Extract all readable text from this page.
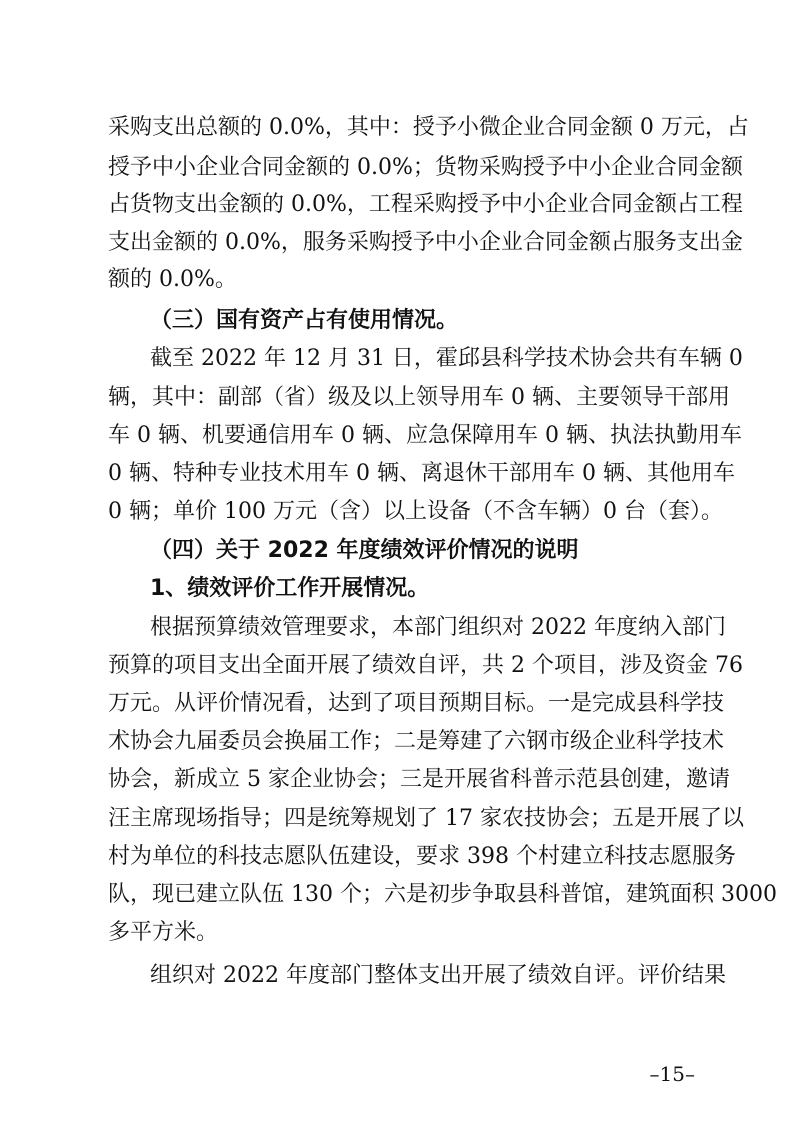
采购支出总额的 0.0%，其中：授予小微企业合同金额 0 万元，占
授予中小企业合同金额的 0.0%；货物采购授予中小企业合同金额
占货物支出金额的 0.0%，工程采购授予中小企业合同金额占工程
支出金额的 0.0%，服务采购授予中小企业合同金额占服务支出金
额的 0.0%。
（三）国有资产占有使用情况。
截至 2022 年 12 月 31 日，霍邱县科学技术协会共有车辆 0
辆，其中：副部（省）级及以上领导用车 0 辆、主要领导干部用
车 0 辆、机要通信用车 0 辆、应急保障用车 0 辆、执法执勤用车
0 辆、特种专业技术用车 0 辆、离退休干部用车 0 辆、其他用车
0 辆；单价 100 万元（含）以上设备（不含车辆）0 台（套）。
（四）关于 2022 年度绩效评价情况的说明
1、绩效评价工作开展情况。
根据预算绩效管理要求，本部门组织对 2022 年度纳入部门
预算的项目支出全面开展了绩效自评，共 2 个项目，涉及资金 76
万元。从评价情况看，达到了项目预期目标。一是完成县科学技
术协会九届委员会换届工作；二是筹建了六钢市级企业科学技术
协会，新成立 5 家企业协会；三是开展省科普示范县创建，邀请
汪主席现场指导；四是统筹规划了 17 家农技协会；五是开展了以
村为单位的科技志愿队伍建设，要求 398 个村建立科技志愿服务
队，现已建立队伍 130 个；六是初步争取县科普馆，建筑面积 3000
多平方米。
组织对 2022 年度部门整体支出开展了绩效自评。评价结果
–15–
